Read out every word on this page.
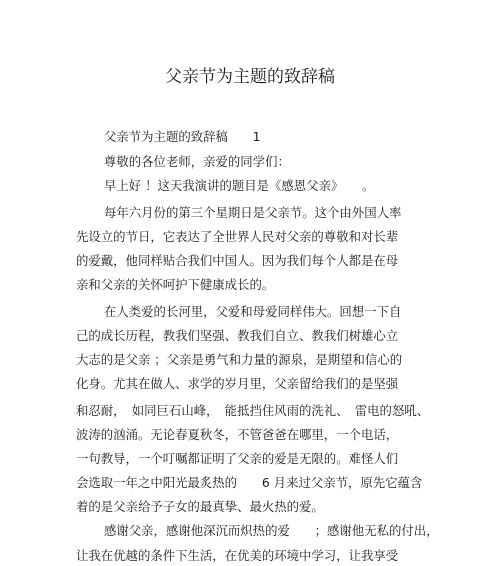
父亲节为主题的致辞稿
父亲节为主题的致辞稿　　1
尊敬的各位老师，亲爱的同学们：
早上好 ！这天我演讲的题目是《感恩父亲》　　。
每年六月份的第三个星期日是父亲节。这个由外国人率
先设立的节日，它表达了全世界人民对父亲的尊敬和对长辈
的爱戴，他同样贴合我们中国人。因为我们每个人都是在母
亲和父亲的关怀呵护下健康成长的。
在人类爱的长河里，父爱和母爱同样伟大。回想一下自
己的成长历程，教我们坚强、教我们自立、教我们树雄心立
大志的是父亲 ；父亲是勇气和力量的源泉，是期望和信心的
化身。尤其在做人、求学的岁月里，父亲留给我们的是坚强
和忍耐，　如同巨石山峰，　能抵挡住风雨的洗礼、　雷电的怒吼、
波涛的汹涌。无论春夏秋冬，不管爸爸在哪里，一个电话，
一句教导，一个叮嘱都证明了父亲的爱是无限的。难怪人们
会选取一年之中阳光最炙热的　　6 月来过父亲节，原先它蕴含
着的是父亲给予子女的最真挚、最火热的爱。
感谢父亲，感谢他深沉而炽热的爱　　；感谢他无私的付出，
让我在优越的条件下生活，在优美的环境中学习，让我享受
